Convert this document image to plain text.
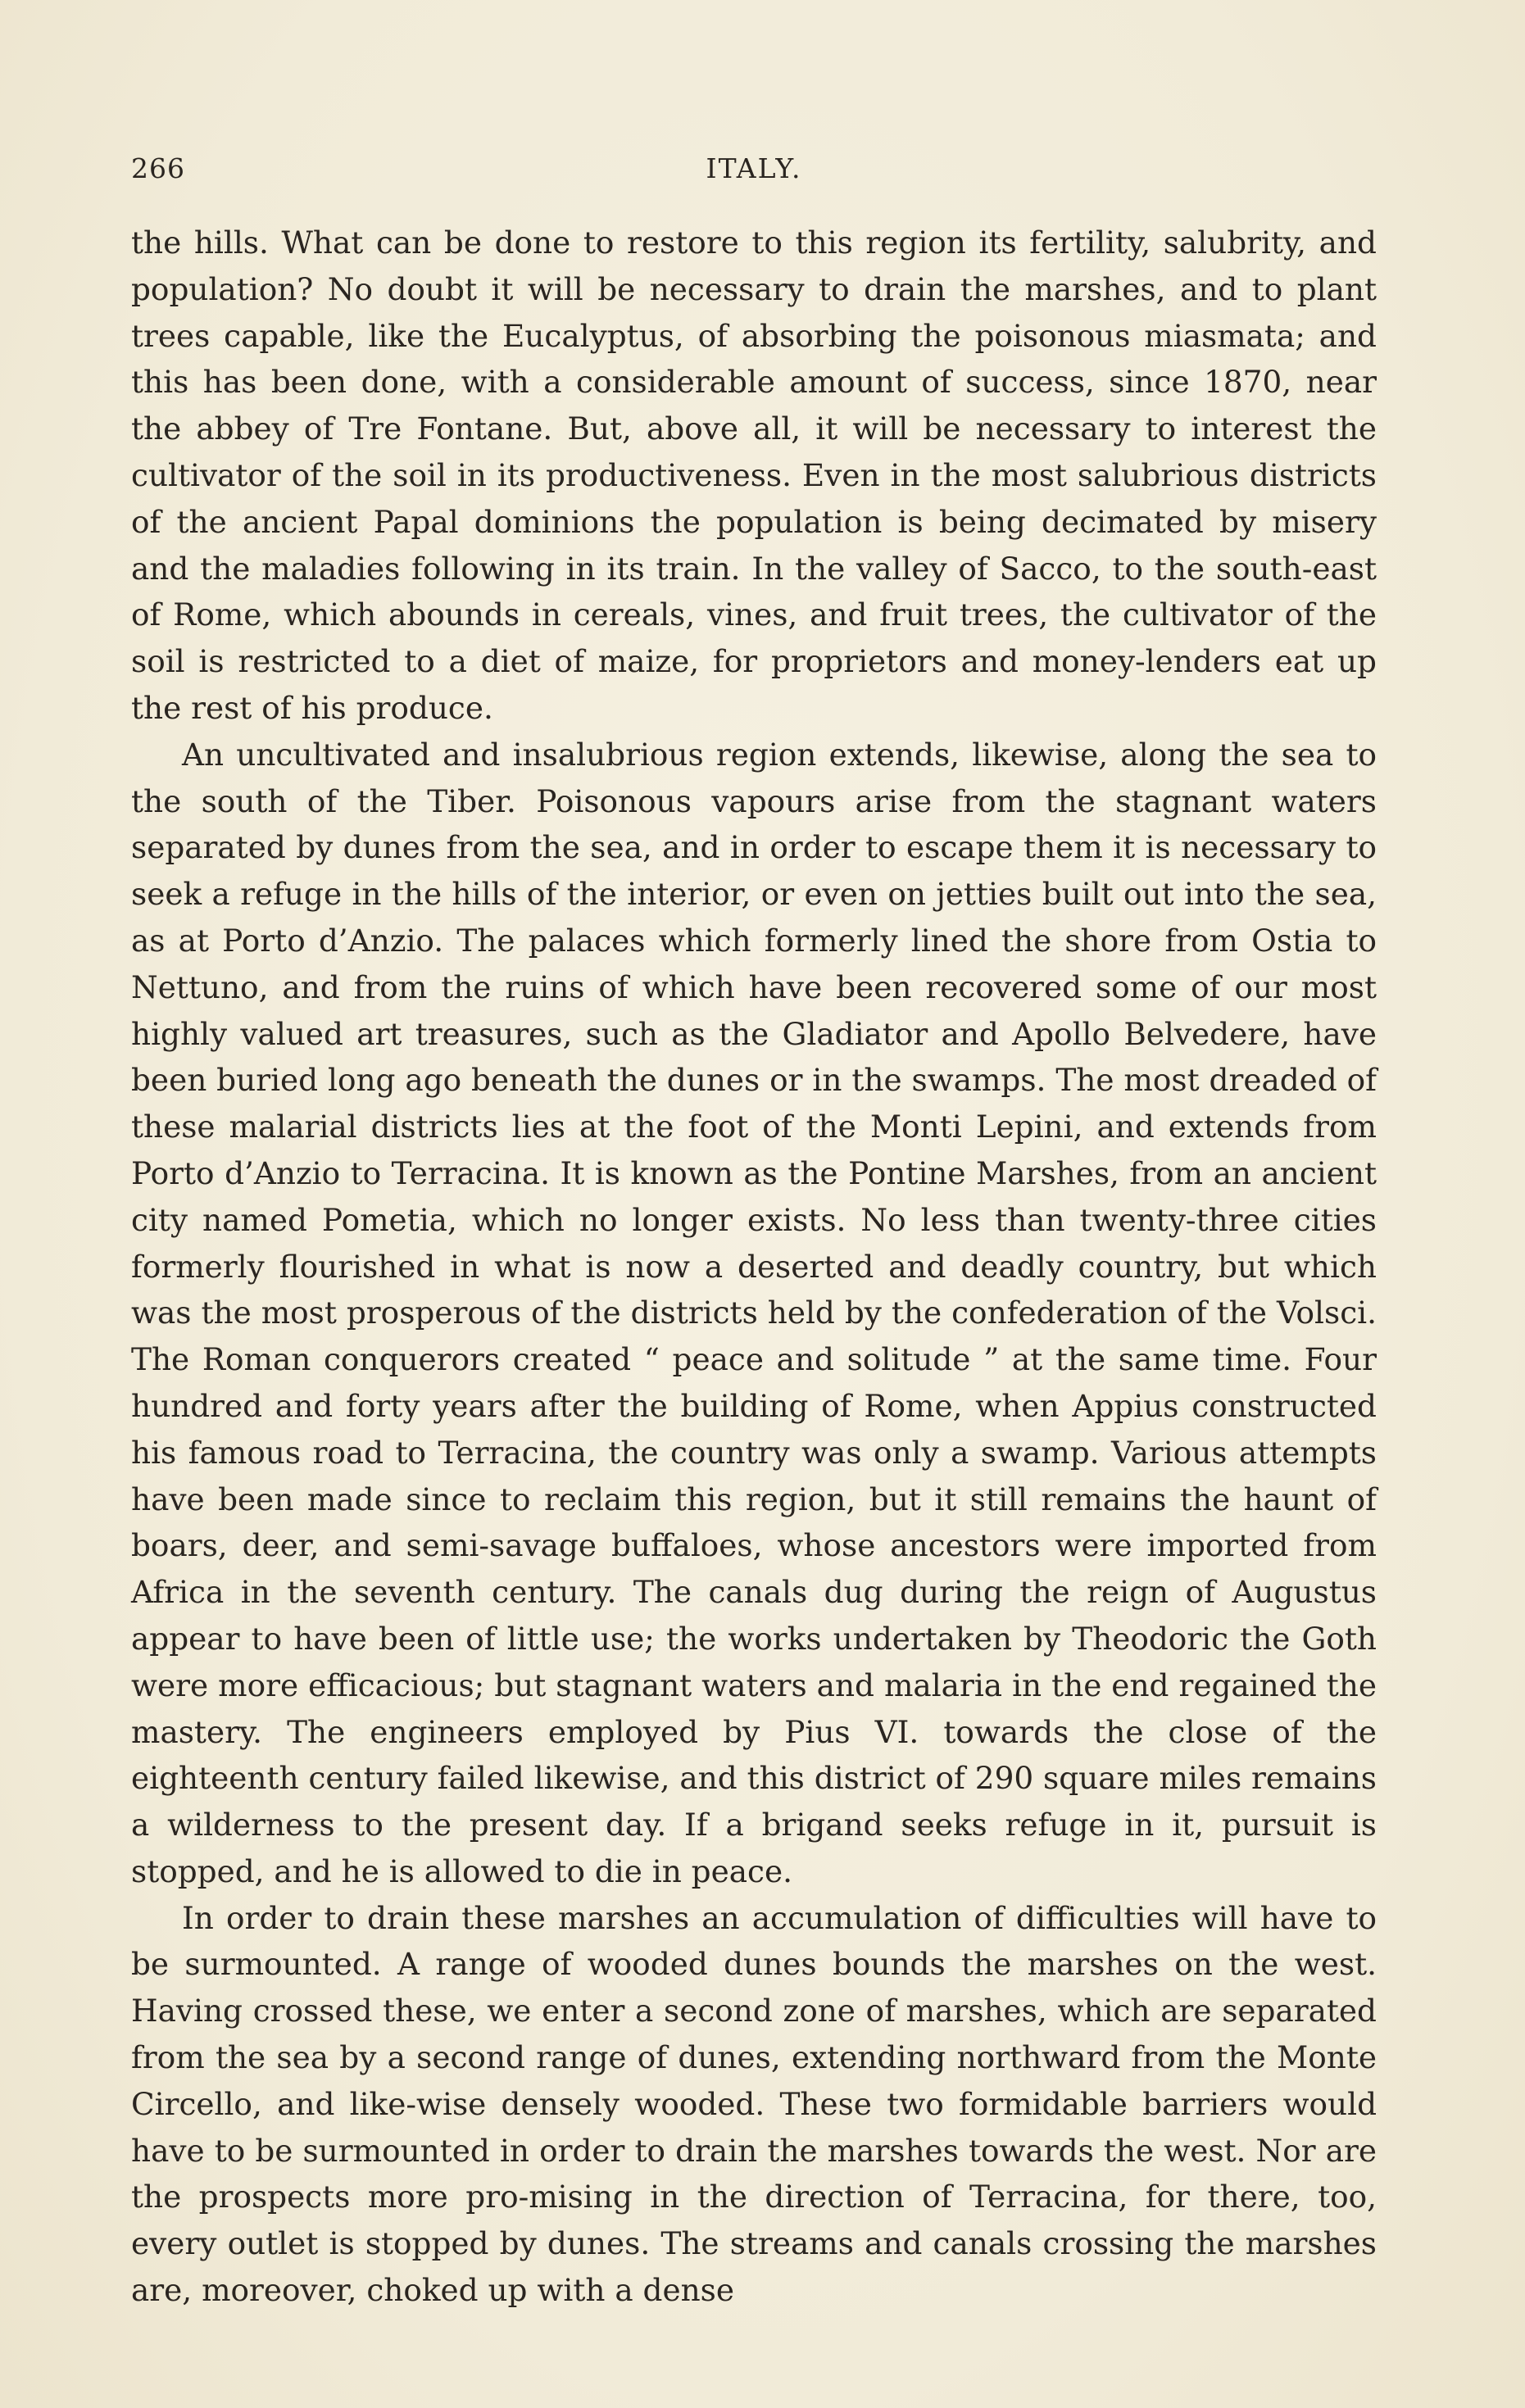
266	ITALY.

the hills. What can be done to restore to this region its fertility, salubrity, and population? No doubt it will be necessary to drain the marshes, and to plant trees capable, like the Eucalyptus, of absorbing the poisonous miasmata; and this has been done, with a considerable amount of success, since 1870, near the abbey of Tre Fontane. But, above all, it will be necessary to interest the cultivator of the soil in its productiveness. Even in the most salubrious districts of the ancient Papal dominions the population is being decimated by misery and the maladies following in its train. In the valley of Sacco, to the south-east of Rome, which abounds in cereals, vines, and fruit trees, the cultivator of the soil is restricted to a diet of maize, for proprietors and money-lenders eat up the rest of his produce.

An uncultivated and insalubrious region extends, likewise, along the sea to the south of the Tiber. Poisonous vapours arise from the stagnant waters separated by dunes from the sea, and in order to escape them it is necessary to seek a refuge in the hills of the interior, or even on jetties built out into the sea, as at Porto d’Anzio. The palaces which formerly lined the shore from Ostia to Nettuno, and from the ruins of which have been recovered some of our most highly valued art treasures, such as the Gladiator and Apollo Belvedere, have been buried long ago beneath the dunes or in the swamps. The most dreaded of these malarial districts lies at the foot of the Monti Lepini, and extends from Porto d’Anzio to Terracina. It is known as the Pontine Marshes, from an ancient city named Pometia, which no longer exists. No less than twenty-three cities formerly flourished in what is now a deserted and deadly country, but which was the most prosperous of the districts held by the confederation of the Volsci. The Roman conquerors created “ peace and solitude ” at the same time. Four hundred and forty years after the building of Rome, when Appius constructed his famous road to Terracina, the country was only a swamp. Various attempts have been made since to reclaim this region, but it still remains the haunt of boars, deer, and semi-savage buffaloes, whose ancestors were imported from Africa in the seventh century. The canals dug during the reign of Augustus appear to have been of little use; the works undertaken by Theodoric the Goth were more efficacious; but stagnant waters and malaria in the end regained the mastery. The engineers employed by Pius VI. towards the close of the eighteenth century failed likewise, and this district of 290 square miles remains a wilderness to the present day. If a brigand seeks refuge in it, pursuit is stopped, and he is allowed to die in peace.

In order to drain these marshes an accumulation of difficulties will have to be surmounted. A range of wooded dunes bounds the marshes on the west. Having crossed these, we enter a second zone of marshes, which are separated from the sea by a second range of dunes, extending northward from the Monte Circello, and like-wise densely wooded. These two formidable barriers would have to be surmounted in order to drain the marshes towards the west. Nor are the prospects more pro-mising in the direction of Terracina, for there, too, every outlet is stopped by dunes. The streams and canals crossing the marshes are, moreover, choked up with a dense
